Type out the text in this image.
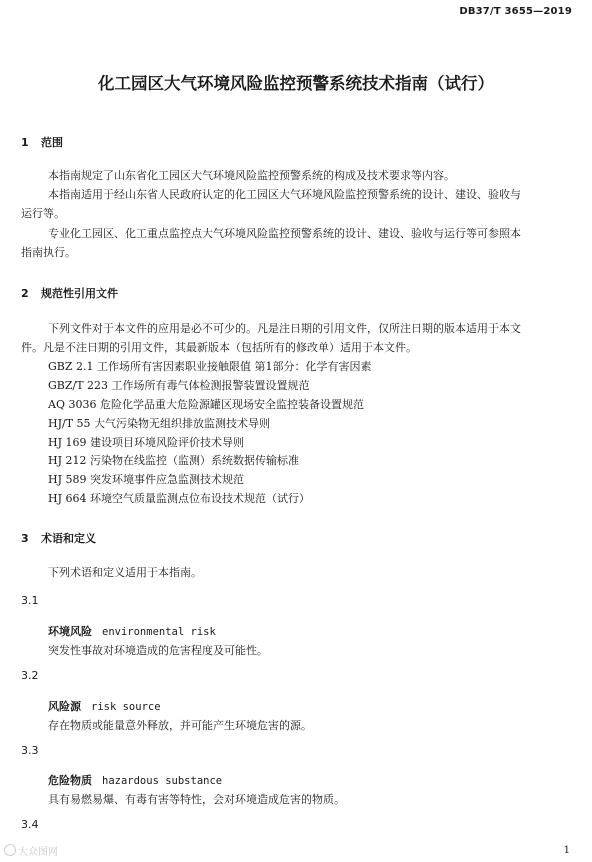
DB37/T 3655—2019
化工园区大气环境风险监控预警系统技术指南（试行）
1 范围
本指南规定了山东省化工园区大气环境风险监控预警系统的构成及技术要求等内容。
本指南适用于经山东省人民政府认定的化工园区大气环境风险监控预警系统的设计、建设、验收与
运行等。
专业化工园区、化工重点监控点大气环境风险监控预警系统的设计、建设、验收与运行等可参照本
指南执行。
2 规范性引用文件
下列文件对于本文件的应用是必不可少的。凡是注日期的引用文件，仅所注日期的版本适用于本文
件。凡是不注日期的引用文件，其最新版本（包括所有的修改单）适用于本文件。
GBZ 2.1 工作场所有害因素职业接触限值 第1部分：化学有害因素
GBZ/T 223 工作场所有毒气体检测报警装置设置规范
AQ 3036 危险化学品重大危险源罐区现场安全监控装备设置规范
HJ/T 55 大气污染物无组织排放监测技术导则
HJ 169 建设项目环境风险评价技术导则
HJ 212 污染物在线监控（监测）系统数据传输标准
HJ 589 突发环境事件应急监测技术规范
HJ 664 环境空气质量监测点位布设技术规范（试行）
3 术语和定义
下列术语和定义适用于本指南。
3.1
环境风险 environmental risk
突发性事故对环境造成的危害程度及可能性。
3.2
风险源 risk source
存在物质或能量意外释放，并可能产生环境危害的源。
3.3
危险物质 hazardous substance
具有易燃易爆、有毒有害等特性，会对环境造成危害的物质。
3.4
大众图网	1
